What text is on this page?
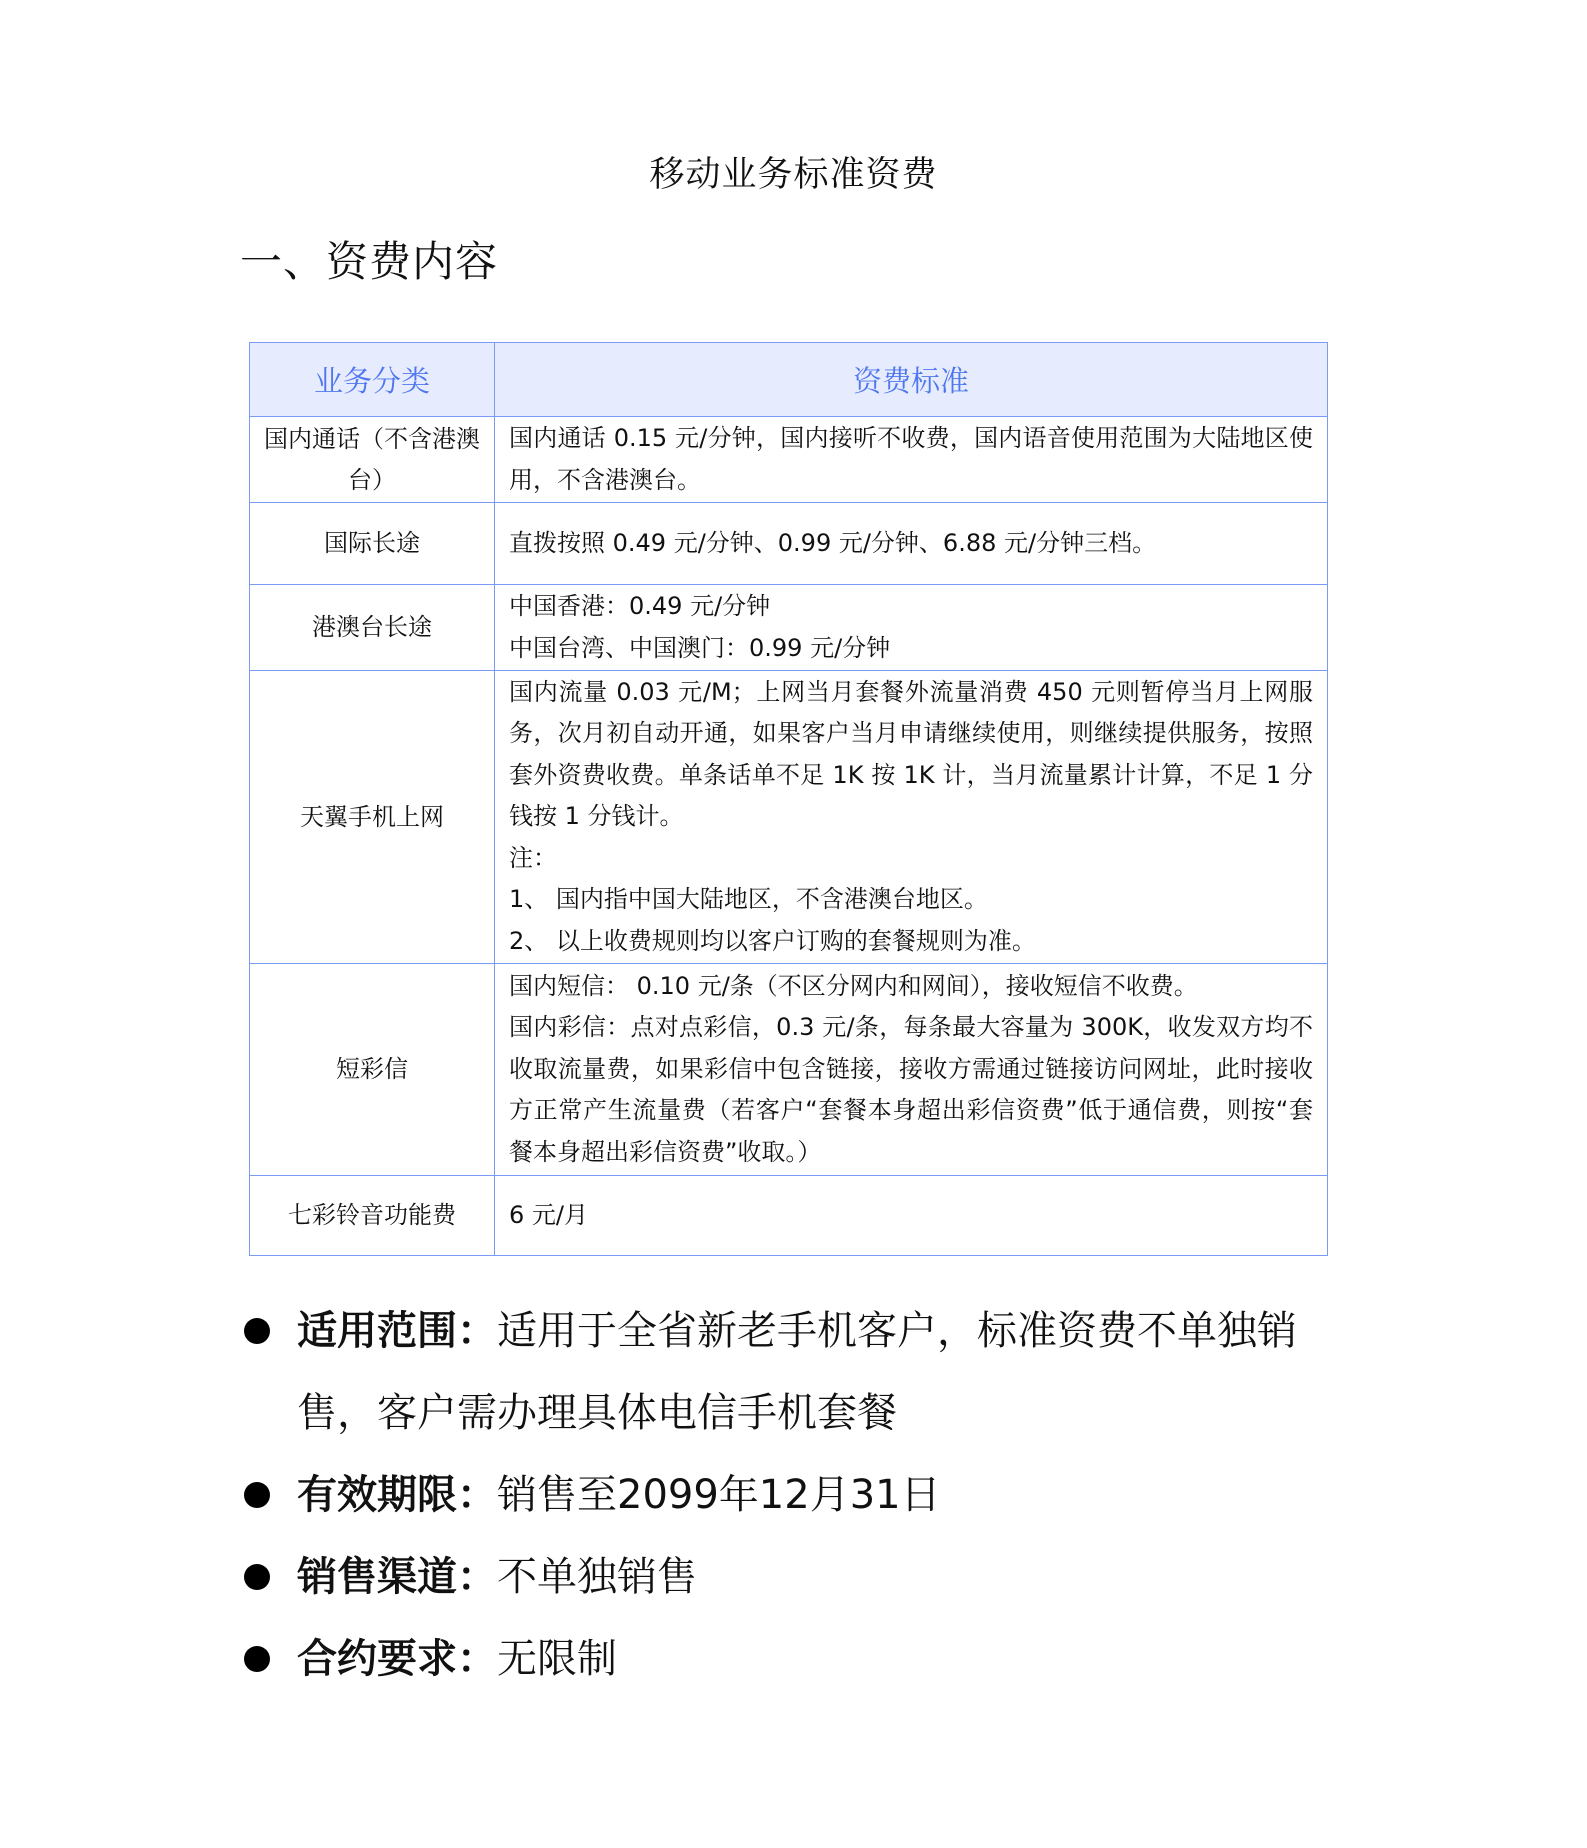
移动业务标准资费
一、资费内容
业务分类	资费标准
国内通话（不含港澳台）	国内通话 0.15 元/分钟，国内接听不收费，国内语音使用范围为大陆地区使用，不含港澳台。

国际长途	直拨按照 0.49 元/分钟、0.99 元/分钟、6.88 元/分钟三档。

港澳台长途	中国香港：0.49 元/分钟
中国台湾、中国澳门：0.99 元/分钟

天翼手机上网	国内流量 0.03 元/M；上网当月套餐外流量消费 450 元则暂停当月上网服务，次月初自动开通，如果客户当月申请继续使用，则继续提供服务，按照套外资费收费。单条话单不足 1K 按 1K 计，当月流量累计计算，不足 1 分钱按 1 分钱计。
注：
1、 国内指中国大陆地区，不含港澳台地区。
2、 以上收费规则均以客户订购的套餐规则为准。

短彩信	国内短信： 0.10 元/条（不区分网内和网间），接收短信不收费。
国内彩信：点对点彩信，0.3 元/条，每条最大容量为 300K，收发双方均不收取流量费，如果彩信中包含链接，接收方需通过链接访问网址，此时接收方正常产生流量费（若客户“套餐本身超出彩信资费”低于通信费，则按“套餐本身超出彩信资费”收取。）

七彩铃音功能费	6 元/月
适用范围：适用于全省新老手机客户，标准资费不单独销售，客户需办理具体电信手机套餐
有效期限：销售至2099年12月31日
销售渠道：不单独销售
合约要求：无限制
